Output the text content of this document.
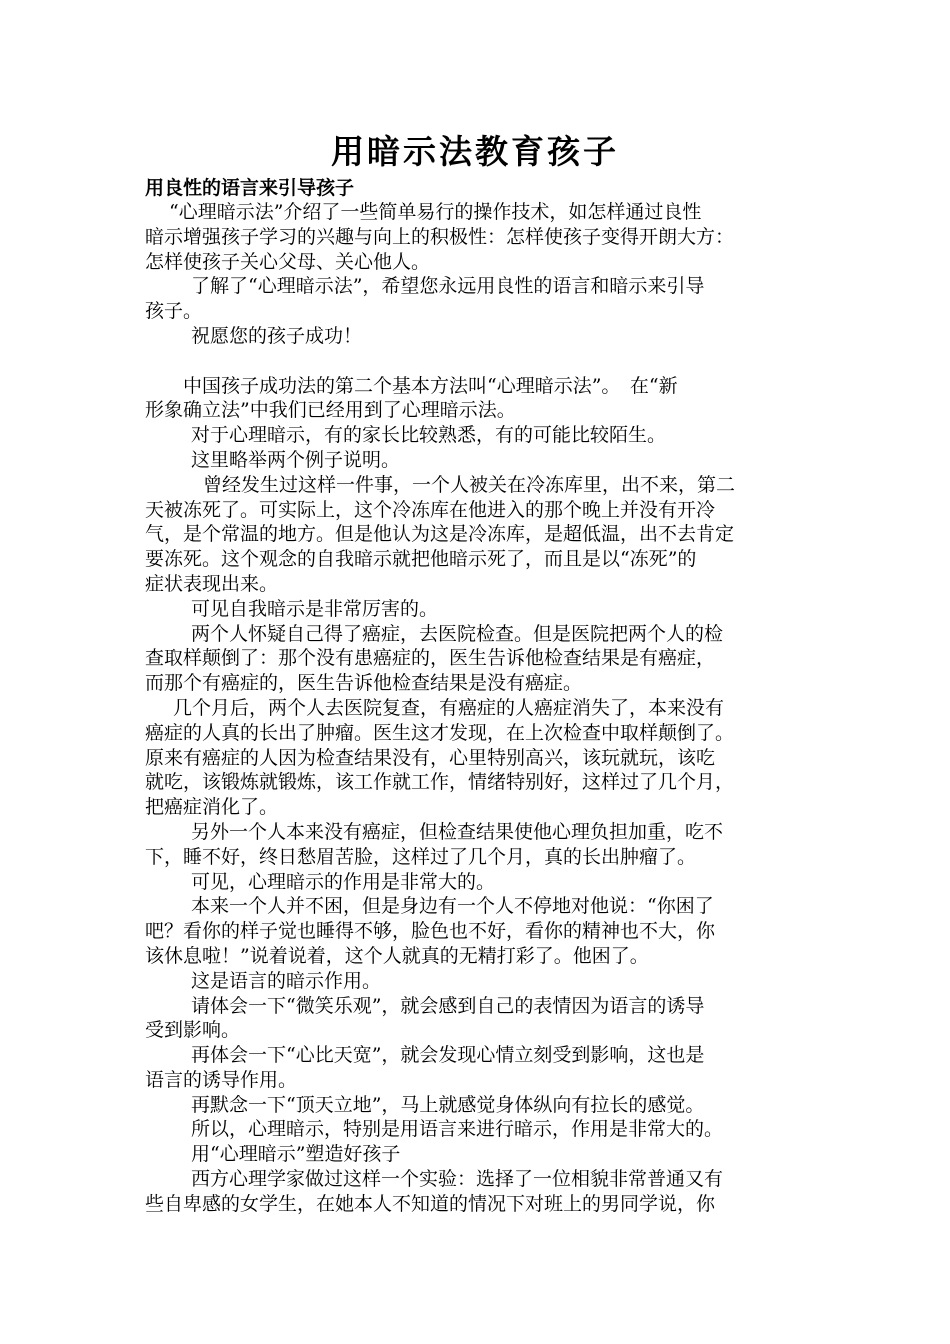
用暗示法教育孩子
用良性的语言来引导孩子
“心理暗示法”介绍了一些简单易行的操作技术，如怎样通过良性
暗示增强孩子学习的兴趣与向上的积极性：怎样使孩子变得开朗大方：
怎样使孩子关心父母、关心他人。
了解了“心理暗示法”，希望您永远用良性的语言和暗示来引导
孩子。
祝愿您的孩子成功！
中国孩子成功法的第二个基本方法叫“心理暗示法”。　在“新
形象确立法”中我们已经用到了心理暗示法。
对于心理暗示，有的家长比较熟悉，有的可能比较陌生。
这里略举两个例子说明。
曾经发生过这样一件事，一个人被关在冷冻库里，出不来，第二
天被冻死了。可实际上，这个冷冻库在他进入的那个晚上并没有开冷
气，是个常温的地方。但是他认为这是冷冻库，是超低温，出不去肯定
要冻死。这个观念的自我暗示就把他暗示死了，而且是以“冻死”的
症状表现出来。
可见自我暗示是非常厉害的。
两个人怀疑自己得了癌症，去医院检查。但是医院把两个人的检
查取样颠倒了：那个没有患癌症的，医生告诉他检查结果是有癌症，
而那个有癌症的，医生告诉他检查结果是没有癌症。
几个月后，两个人去医院复查，有癌症的人癌症消失了，本来没有
癌症的人真的长出了肿瘤。医生这才发现，在上次检查中取样颠倒了。
原来有癌症的人因为检查结果没有，心里特别高兴，该玩就玩，该吃
就吃，该锻炼就锻炼，该工作就工作，情绪特别好，这样过了几个月，
把癌症消化了。
另外一个人本来没有癌症，但检查结果使他心理负担加重，吃不
下，睡不好，终日愁眉苦脸，这样过了几个月，真的长出肿瘤了。
可见，心理暗示的作用是非常大的。
本来一个人并不困，但是身边有一个人不停地对他说：“你困了
吧？看你的样子觉也睡得不够，脸色也不好，看你的精神也不大，你
该休息啦！”说着说着，这个人就真的无精打彩了。他困了。
这是语言的暗示作用。
请体会一下“微笑乐观”，就会感到自己的表情因为语言的诱导
受到影响。
再体会一下“心比天宽”，就会发现心情立刻受到影响，这也是
语言的诱导作用。
再默念一下“顶天立地”，马上就感觉身体纵向有拉长的感觉。
所以，心理暗示，特别是用语言来进行暗示，作用是非常大的。
用“心理暗示”塑造好孩子
西方心理学家做过这样一个实验：选择了一位相貌非常普通又有
些自卑感的女学生，在她本人不知道的情况下对班上的男同学说，你
